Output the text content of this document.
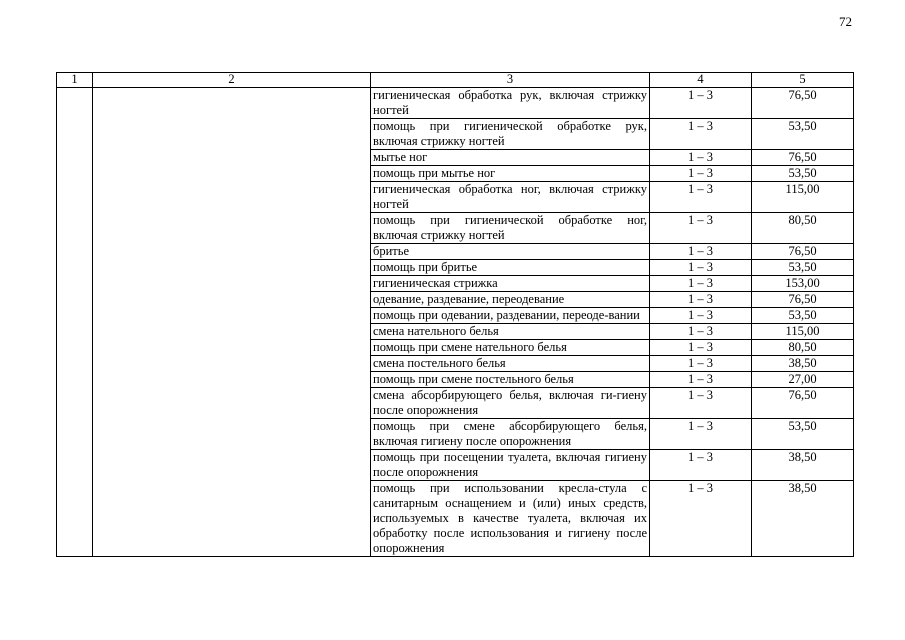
72
1	2	3	4	5
		гигиеническая обработка рук, включая стрижку ногтей	1 – 3	76,50
		помощь при гигиенической обработке рук, включая стрижку ногтей	1 – 3	53,50
		мытье ног	1 – 3	76,50
		помощь при мытье ног	1 – 3	53,50
		гигиеническая обработка ног, включая стрижку ногтей	1 – 3	115,00
		помощь при гигиенической обработке ног, включая стрижку ногтей	1 – 3	80,50
		бритье	1 – 3	76,50
		помощь при бритье	1 – 3	53,50
		гигиеническая стрижка	1 – 3	153,00
		одевание, раздевание, переодевание	1 – 3	76,50
		помощь при одевании, раздевании, переоде-вании	1 – 3	53,50
		смена нательного белья	1 – 3	115,00
		помощь при смене нательного белья	1 – 3	80,50
		смена постельного белья	1 – 3	38,50
		помощь при смене постельного белья	1 – 3	27,00
		смена абсорбирующего белья, включая ги-гиену после опорожнения	1 – 3	76,50
		помощь при смене абсорбирующего белья, включая гигиену после опорожнения	1 – 3	53,50
		помощь при посещении туалета, включая гигиену после опорожнения	1 – 3	38,50
		помощь при использовании кресла-стула с санитарным оснащением и (или) иных средств, используемых в качестве туалета, включая их обработку после использования и гигиену после опорожнения	1 – 3	38,50
